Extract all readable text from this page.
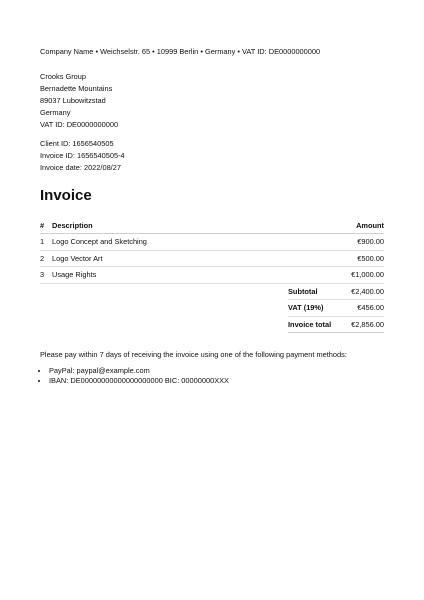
Company Name • Weichselstr. 65 • 10999 Berlin • Germany • VAT ID: DE0000000000
Crooks Group
Bernadette Mountains
89037 Lubowitzstad
Germany
VAT ID: DE0000000000
Client ID: 1656540505
Invoice ID: 1656540505-4
Invoice date: 2022/08/27
Invoice
#	Description	Amount	
1	Logo Concept and Sketching	€900.00	
2	Logo Vector Art	€500.00	
3	Usage Rights	€1,000.00	
		Subtotal	€2,400.00
		VAT (19%)	€456.00
		Invoice total	€2,856.00
Please pay within 7 days of receiving the invoice using one of the following payment methods:
• PayPal: paypal@example.com
• IBAN: DE00000000000000000000 BIC: 00000000XXX
